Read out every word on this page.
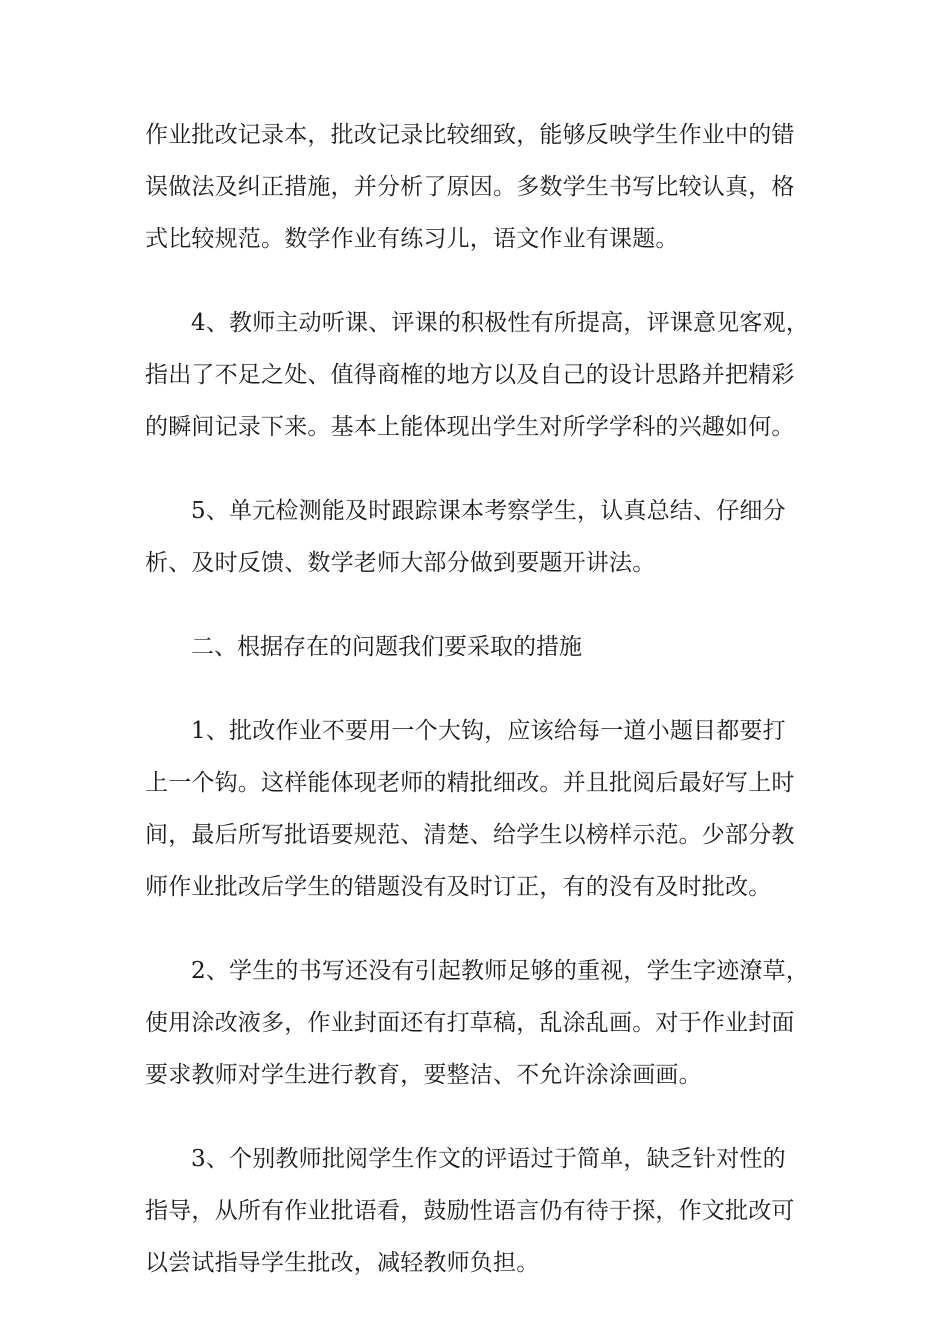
作业批改记录本，批改记录比较细致，能够反映学生作业中的错
误做法及纠正措施，并分析了原因。多数学生书写比较认真，格
式比较规范。数学作业有练习儿，语文作业有课题。

4、教师主动听课、评课的积极性有所提高，评课意见客观，
指出了不足之处、值得商榷的地方以及自己的设计思路并把精彩
的瞬间记录下来。基本上能体现出学生对所学学科的兴趣如何。

5、单元检测能及时跟踪课本考察学生，认真总结、仔细分
析、及时反馈、数学老师大部分做到要题开讲法。

二、根据存在的问题我们要采取的措施

1、批改作业不要用一个大钩，应该给每一道小题目都要打
上一个钩。这样能体现老师的精批细改。并且批阅后最好写上时
间，最后所写批语要规范、清楚、给学生以榜样示范。少部分教
师作业批改后学生的错题没有及时订正，有的没有及时批改。

2、学生的书写还没有引起教师足够的重视，学生字迹潦草，
使用涂改液多，作业封面还有打草稿，乱涂乱画。对于作业封面
要求教师对学生进行教育，要整洁、不允许涂涂画画。

3、个别教师批阅学生作文的评语过于简单，缺乏针对性的
指导，从所有作业批语看，鼓励性语言仍有待于探，作文批改可
以尝试指导学生批改，减轻教师负担。
